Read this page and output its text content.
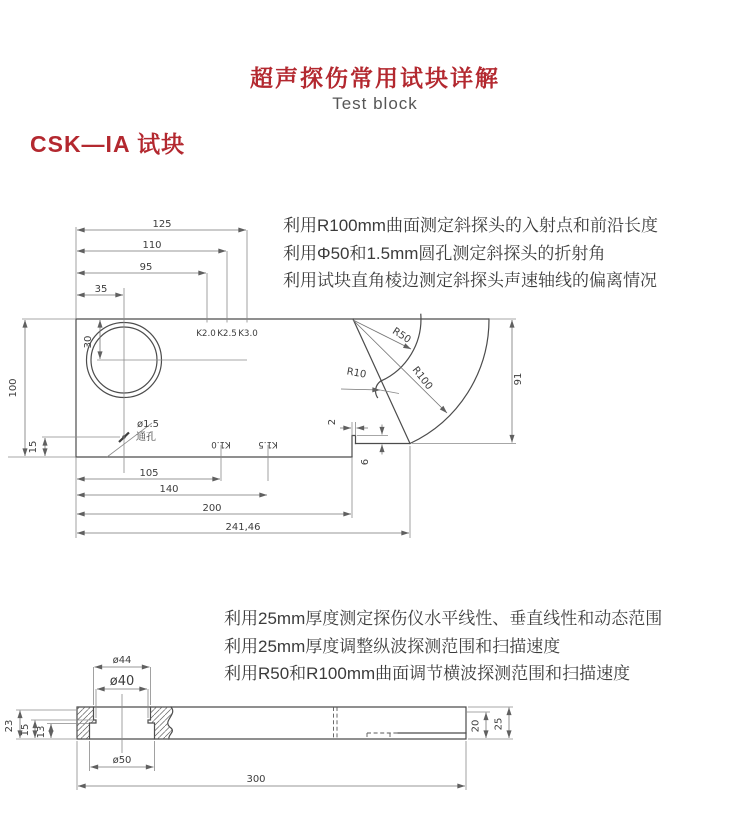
超声探伤常用试块详解
Test block
CSK—IA 试块
利用R100mm曲面测定斜探头的入射点和前沿长度
利用Φ50和1.5mm圆孔测定斜探头的折射角
利用试块直角棱边测定斜探头声速轴线的偏离情况
利用25mm厚度测定探伤仪水平线性、垂直线性和动态范围
利用25mm厚度调整纵波探测范围和扫描速度
利用R50和R100mm曲面调节横波探测范围和扫描速度
125
110
95
35
100
30
15
105
140
200
241,46
91
2
6
ø1.5
通孔
K2.0 K2.5 K3.0
K1.0	K1.5
R50
R100
R10
ø44
ø40
ø50
300
23 15 13	20 25
